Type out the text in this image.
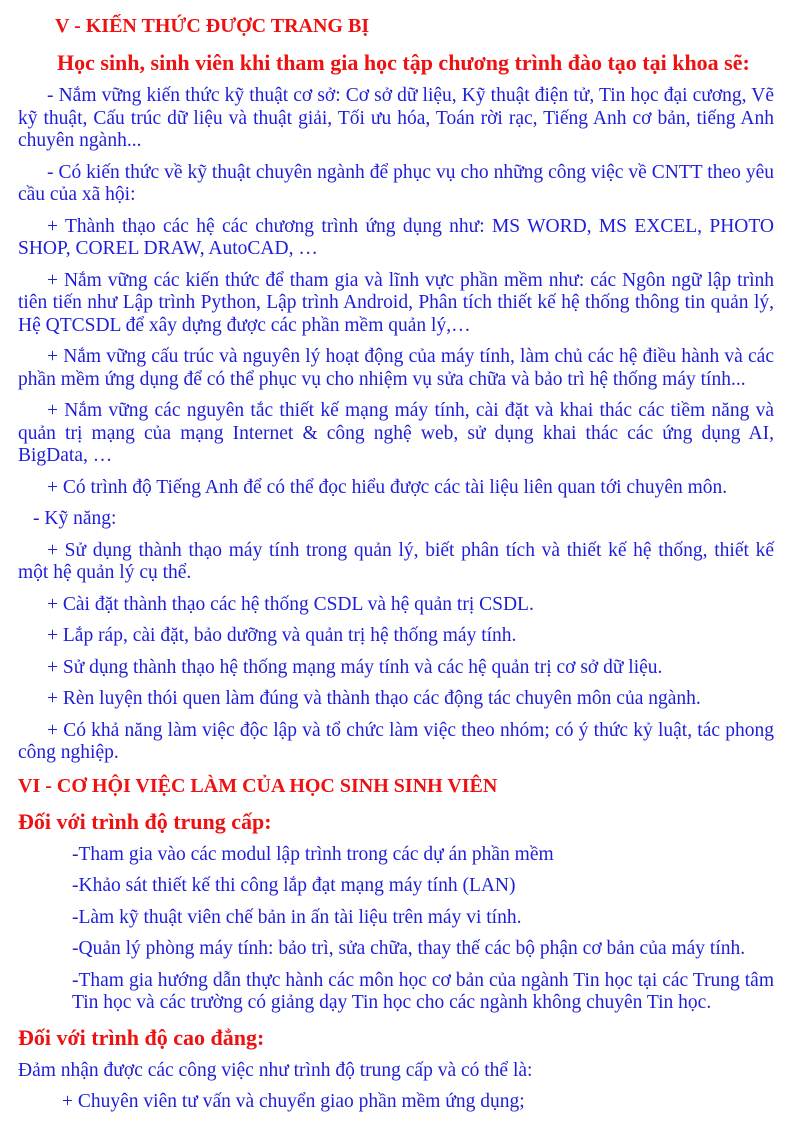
V - KIẾN THỨC ĐƯỢC TRANG BỊ
Học sinh, sinh viên khi tham gia học tập chương trình đào tạo tại khoa sẽ:

- Nắm vững kiến thức kỹ thuật cơ sở: Cơ sở dữ liệu, Kỹ thuật điện tử, Tin học đại cương, Vẽ kỹ thuật, Cấu trúc dữ liệu và thuật giải, Tối ưu hóa, Toán rời rạc, Tiếng Anh cơ bản, tiếng Anh chuyên ngành...

- Có kiến thức về kỹ thuật chuyên ngành để phục vụ cho những công việc về CNTT theo yêu cầu của xã hội:

+ Thành thạo các hệ các chương trình ứng dụng như: MS WORD, MS EXCEL, PHOTO SHOP, COREL DRAW, AutoCAD, …

+ Nắm vững các kiến thức để tham gia và lĩnh vực phần mềm như: các Ngôn ngữ lập trình tiên tiến như Lập trình Python, Lập trình Android, Phân tích thiết kế hệ thống thông tin quản lý, Hệ QTCSDL để xây dựng được các phần mềm quản lý,…

+ Nắm vững cấu trúc và nguyên lý hoạt động của máy tính, làm chủ các hệ điều hành và các phần mềm ứng dụng để có thể phục vụ cho nhiệm vụ sửa chữa và bảo trì hệ thống máy tính...

+ Nắm vững các nguyên tắc thiết kế mạng máy tính, cài đặt và khai thác các tiềm năng và quản trị mạng của mạng Internet & công nghệ web, sử dụng khai thác các ứng dụng AI, BigData, …

+ Có trình độ Tiếng Anh để có thể đọc hiểu được các tài liệu liên quan tới chuyên môn.

- Kỹ năng:

+ Sử dụng thành thạo máy tính trong quản lý, biết phân tích và thiết kế hệ thống, thiết kế một hệ quản lý cụ thể.

+ Cài đặt thành thạo các hệ thống CSDL và hệ quản trị CSDL.

+ Lắp ráp, cài đặt, bảo dưỡng và quản trị hệ thống máy tính.

+ Sử dụng thành thạo hệ thống mạng máy tính và các hệ quản trị cơ sở dữ liệu.

+ Rèn luyện thói quen làm đúng và thành thạo các động tác chuyên môn của ngành.

+ Có khả năng làm việc độc lập và tổ chức làm việc theo nhóm; có ý thức kỷ luật, tác phong công nghiệp.

VI - CƠ HỘI VIỆC LÀM CỦA HỌC SINH SINH VIÊN
Đối với trình độ trung cấp:

-Tham gia vào các modul lập trình trong các dự án phần mềm

-Khảo sát thiết kế thi công lắp đạt mạng máy tính (LAN)

-Làm kỹ thuật viên chế bản in ấn tài liệu trên máy vi tính.

-Quản lý phòng máy tính: bảo trì, sửa chữa, thay thế các bộ phận cơ bản của máy tính.

-Tham gia hướng dẫn thực hành các môn học cơ bản của ngành Tin học tại các Trung tâm Tin học và các trường có giảng dạy Tin học cho các ngành không chuyên Tin học.

Đối với trình độ cao đẳng:

Đảm nhận được các công việc như trình độ trung cấp và có thể là:

+ Chuyên viên tư vấn và chuyển giao phần mềm ứng dụng;
